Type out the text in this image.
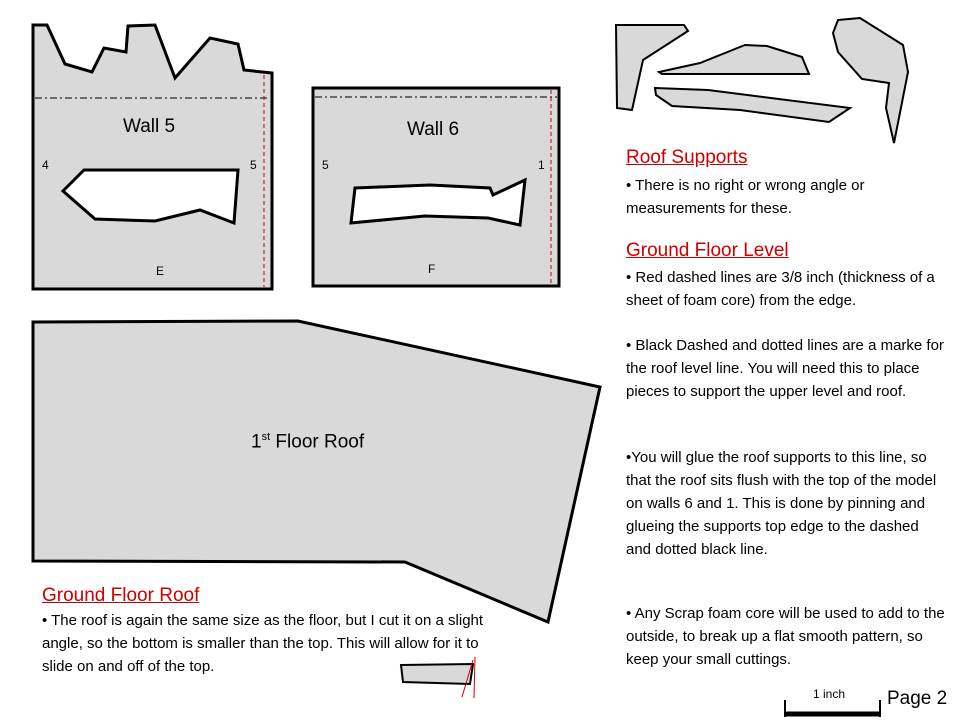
Wall 5
4	5
E
Wall 6
5	1
F
1st Floor Roof
Roof Supports
• There is no right or wrong angle or measurements for these.
Ground Floor Level
• Red dashed lines are 3/8 inch (thickness of a sheet of foam core) from the edge.
• Black Dashed and dotted lines are a marke for the roof level line. You will need this to place pieces to support the upper level and roof.
•You will glue the roof supports to this line, so that the roof sits flush with the top of the model on walls 6 and 1. This is done by pinning and glueing the supports top edge to the dashed and dotted black line.
• Any Scrap foam core will be used to add to the outside, to break up a flat smooth pattern, so keep your small cuttings.
Ground Floor Roof
• The roof is again the same size as the floor, but I cut it on a slight angle, so the bottom is smaller than the top. This will allow for it to slide on and off of the top.
1 inch Page 2
